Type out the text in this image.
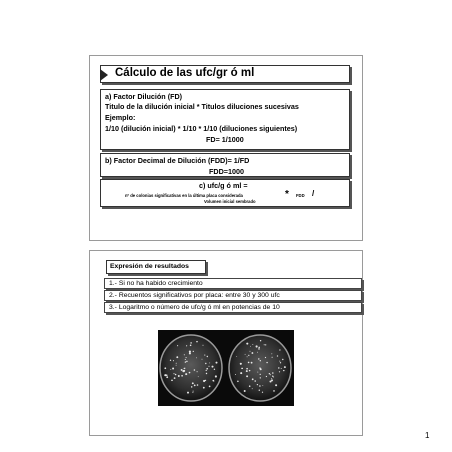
Cálculo de las ufc/gr ó ml
a) Factor Dilución (FD)
Titulo de la dilución inicial * Titulos diluciones sucesivas
Ejemplo:
1/10 (dilución inicial) * 1/10 * 1/10 (diluciones siguientes)
FD= 1/1000
b) Factor Decimal de Dilución (FDD)= 1/FD
FDD=1000
c) ufc/g ó ml =
nº de colonias significativas en la última placa considerada	* FDD /
Volumen inicial sembrado
Expresión de resultados
1.- Si no ha habido crecimiento
2.- Recuentos significativos por placa: entre 30 y 300 ufc
3.- Logaritmo o número de ufc/g ó ml en potencias de 10
1
